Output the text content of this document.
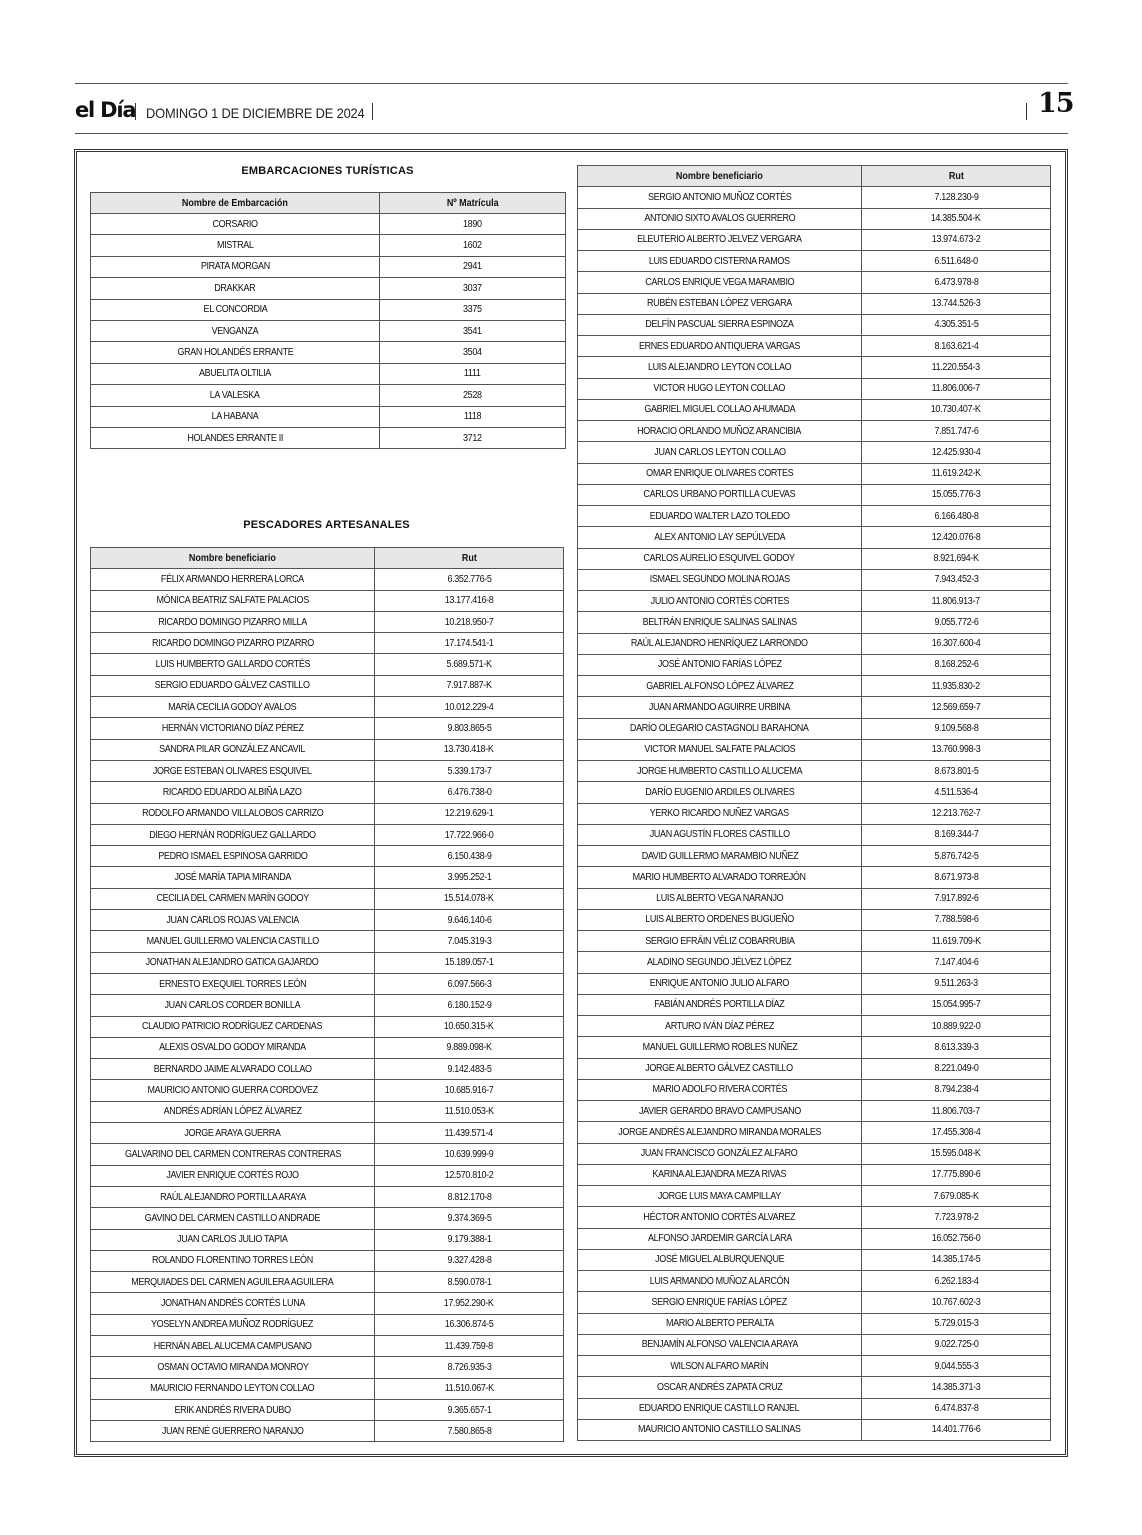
el Día DOMINGO 1 DE DICIEMBRE DE 2024	15
EMBARCACIONES TURÍSTICAS
Nombre de Embarcación	Nº Matrícula
CORSARIO	1890
MISTRAL	1602
PIRATA MORGAN	2941
DRAKKAR	3037
EL CONCORDIA	3375
VENGANZA	3541
GRAN HOLANDÉS ERRANTE	3504
ABUELITA OLTILIA	1111
LA VALESKA	2528
LA HABANA	1118
HOLANDES ERRANTE II	3712
PESCADORES ARTESANALES
Nombre beneficiario	Rut
FÉLIX ARMANDO HERRERA LORCA	6.352.776-5
MÓNICA BEATRIZ SALFATE PALACIOS	13.177.416-8
RICARDO DOMINGO PIZARRO MILLA	10.218.950-7
RICARDO DOMINGO PIZARRO PIZARRO	17.174.541-1
LUIS HUMBERTO GALLARDO CORTÉS	5.689.571-K
SERGIO EDUARDO GÁLVEZ CASTILLO	7.917.887-K
MARÍA CECILIA GODOY AVALOS	10.012.229-4
HERNÁN VICTORIANO DÍAZ PÉREZ	9.803.865-5
SANDRA PILAR GONZÁLEZ ANCAVIL	13.730.418-K
JORGE ESTEBAN OLIVARES ESQUIVEL	5.339.173-7
RICARDO EDUARDO ALBIÑA LAZO	6.476.738-0
RODOLFO ARMANDO VILLALOBOS CARRIZO	12.219.629-1
DIEGO HERNÁN RODRÍGUEZ GALLARDO	17.722.966-0
PEDRO ISMAEL ESPINOSA GARRIDO	6.150.438-9
JOSÉ MARÍA TAPIA MIRANDA	3.995.252-1
CECILIA DEL CARMEN MARÍN GODOY	15.514.078-K
JUAN CARLOS ROJAS VALENCIA	9.646.140-6
MANUEL GUILLERMO VALENCIA CASTILLO	7.045.319-3
JONATHAN ALEJANDRO GATICA GAJARDO	15.189.057-1
ERNESTO EXEQUIEL TORRES LEÓN	6.097.566-3
JUAN CARLOS CORDER BONILLA	6.180.152-9
CLAUDIO PATRICIO RODRÍGUEZ CARDENAS	10.650.315-K
ALEXIS OSVALDO GODOY MIRANDA	9.889.098-K
BERNARDO JAIME ALVARADO COLLAO	9.142.483-5
MAURICIO ANTONIO GUERRA CORDOVEZ	10.685.916-7
ANDRÉS ADRÍAN LÓPEZ ÁLVAREZ	11.510.053-K
JORGE ARAYA GUERRA	11.439.571-4
GALVARINO DEL CARMEN CONTRERAS CONTRERAS	10.639.999-9
JAVIER ENRIQUE CORTÉS ROJO	12.570.810-2
RAÚL ALEJANDRO PORTILLA ARAYA	8.812.170-8
GAVINO DEL CARMEN CASTILLO ANDRADE	9.374.369-5
JUAN CARLOS JULIO TAPIA	9.179.388-1
ROLANDO FLORENTINO TORRES LEÓN	9.327.428-8
MERQUIADES DEL CARMEN AGUILERA AGUILERA	8.590.078-1
JONATHAN ANDRÉS CORTÉS LUNA	17.952.290-K
YOSELYN ANDREA MUÑOZ RODRÍGUEZ	16.306.874-5
HERNÁN ABEL ALUCEMA CAMPUSANO	11.439.759-8
OSMAN OCTAVIO MIRANDA MONROY	8.726.935-3
MAURICIO FERNANDO LEYTON COLLAO	11.510.067-K
ERIK ANDRÉS RIVERA DUBO	9.365.657-1
JUAN RENÉ GUERRERO NARANJO	7.580.865-8
Nombre beneficiario	Rut
SERGIO ANTONIO MUÑOZ CORTÉS	7.128.230-9
ANTONIO SIXTO AVALOS GUERRERO	14.385.504-K
ELEUTERIO ALBERTO JELVEZ VERGARA	13.974.673-2
LUIS EDUARDO CISTERNA RAMOS	6.511.648-0
CARLOS ENRIQUE VEGA MARAMBIO	6.473.978-8
RUBÉN ESTEBAN LÓPEZ VERGARA	13.744.526-3
DELFÍN PASCUAL SIERRA ESPINOZA	4.305.351-5
ERNES EDUARDO ANTIQUERA VARGAS	8.163.621-4
LUIS ALEJANDRO LEYTON COLLAO	11.220.554-3
VICTOR HUGO LEYTON COLLAO	11.806.006-7
GABRIEL MIGUEL COLLAO AHUMADA	10.730.407-K
HORACIO ORLANDO MUÑOZ ARANCIBIA	7.851.747-6
JUAN CARLOS LEYTON COLLAO	12.425.930-4
OMAR ENRIQUE OLIVARES CORTES	11.619.242-K
CARLOS URBANO PORTILLA CUEVAS	15.055.776-3
EDUARDO WALTER LAZO TOLEDO	6.166.480-8
ALEX ANTONIO LAY SEPÚLVEDA	12.420.076-8
CARLOS AURELIO ESQUIVEL GODOY	8.921.694-K
ISMAEL SEGUNDO MOLINA ROJAS	7.943.452-3
JULIO ANTONIO CORTÉS CORTES	11.806.913-7
BELTRÁN ENRIQUE SALINAS SALINAS	9.055.772-6
RAÚL ALEJANDRO HENRÍQUEZ LARRONDO	16.307.600-4
JOSÉ ANTONIO FARÍAS LÓPEZ	8.168.252-6
GABRIEL ALFONSO LÓPEZ ÁLVAREZ	11.935.830-2
JUAN ARMANDO AGUIRRE URBINA	12.569.659-7
DARÍO OLEGARIO CASTAGNOLI BARAHONA	9.109.568-8
VICTOR MANUEL SALFATE PALACIOS	13.760.998-3
JORGE HUMBERTO CASTILLO ALUCEMA	8.673.801-5
DARÍO EUGENIO ARDILES OLIVARES	4.511.536-4
YERKO RICARDO NUÑEZ VARGAS	12.213.762-7
JUAN AGUSTÍN FLORES CASTILLO	8.169.344-7
DAVID GUILLERMO MARAMBIO NUÑEZ	5.876.742-5
MARIO HUMBERTO ALVARADO TORREJÓN	8.671.973-8
LUIS ALBERTO VEGA NARANJO	7.917.892-6
LUIS ALBERTO ORDENES BUGUEÑO	7.788.598-6
SERGIO EFRÁIN VÉLIZ COBARRUBIA	11.619.709-K
ALADINO SEGUNDO JÉLVEZ LÓPEZ	7.147.404-6
ENRIQUE ANTONIO JULIO ALFARO	9.511.263-3
FABIÁN ANDRÉS PORTILLA DÍAZ	15.054.995-7
ARTURO IVÁN DÍAZ PÉREZ	10.889.922-0
MANUEL GUILLERMO ROBLES NUÑEZ	8.613.339-3
JORGE ALBERTO GÁLVEZ CASTILLO	8.221.049-0
MARIO ADOLFO RIVERA CORTÉS	8.794.238-4
JAVIER GERARDO BRAVO CAMPUSANO	11.806.703-7
JORGE ANDRÉS ALEJANDRO MIRANDA MORALES	17.455.308-4
JUAN FRANCISCO GONZÁLEZ ALFARO	15.595.048-K
KARINA ALEJANDRA MEZA RIVAS	17.775.890-6
JORGE LUIS MAYA CAMPILLAY	7.679.085-K
HÉCTOR ANTONIO CORTÉS ALVAREZ	7.723.978-2
ALFONSO JARDEMIR GARCÍA LARA	16.052.756-0
JOSÉ MIGUEL ALBURQUENQUE	14.385.174-5
LUIS ARMANDO MUÑOZ ALARCÓN	6.262.183-4
SERGIO ENRIQUE FARÍAS LÓPEZ	10.767.602-3
MARIO ALBERTO PERALTA	5.729.015-3
BENJAMÍN ALFONSO VALENCIA ARAYA	9.022.725-0
WILSON ALFARO MARÍN	9.044.555-3
OSCAR ANDRÉS ZAPATA CRUZ	14.385.371-3
EDUARDO ENRIQUE CASTILLO RANJEL	6.474.837-8
MAURICIO ANTONIO CASTILLO SALINAS	14.401.776-6
